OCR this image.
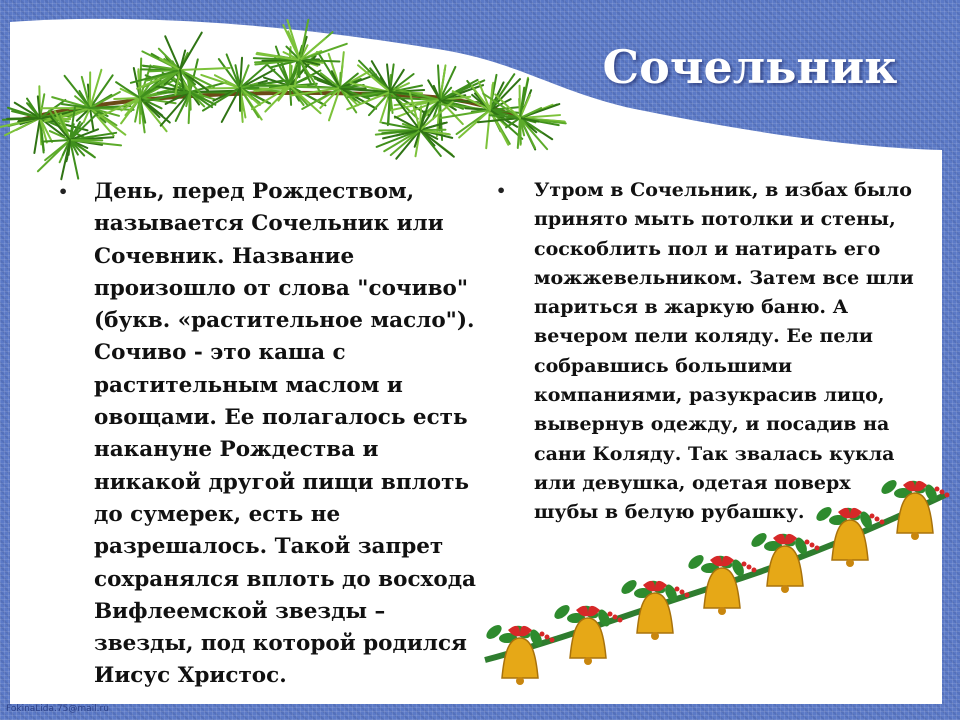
Сочельник
• День, перед Рождеством,
называется Сочельник или
Сочевник. Название
произошло от слова "сочиво"
(букв. «растительное масло").
Сочиво - это каша с
растительным маслом и
овощами. Ее полагалось есть
накануне Рождества и
никакой другой пищи вплоть
до сумерек, есть не
разрешалось. Такой запрет
сохранялся вплоть до восхода
Вифлеемской звезды –
звезды, под которой родился
Иисус Христос.
• Утром в Сочельник, в избах было
принято мыть потолки и стены,
соскоблить пол и натирать его
можжевельником. Затем все шли
париться в жаркую баню. А
вечером пели коляду. Ее пели
собравшись большими
компаниями, разукрасив лицо,
вывернув одежду, и посадив на
сани Коляду. Так звалась кукла
или девушка, одетая поверх
шубы в белую рубашку.
FokinaLida.75@mail.ru
